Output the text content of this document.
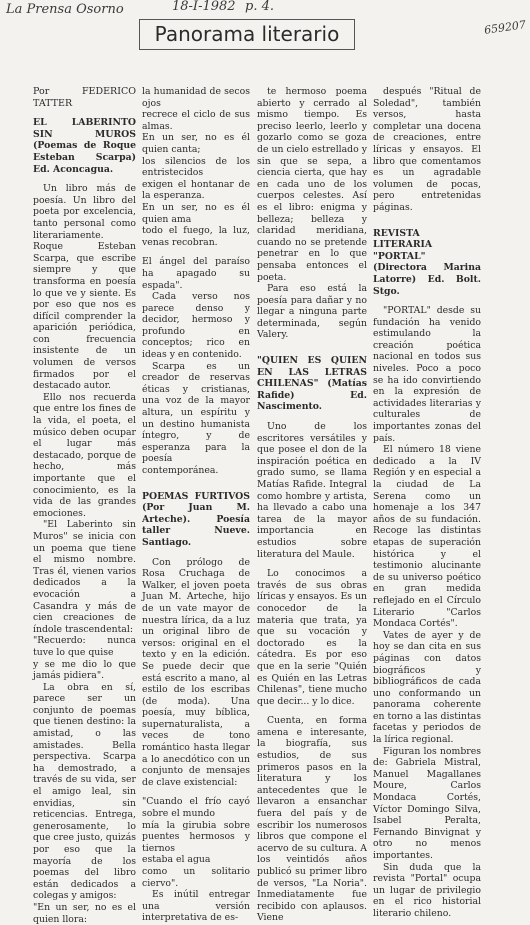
La Prensa Osorno	18-I-1982 p. 4.
659207
Panorama literario

Por FEDERICO TATTER

EL LABERINTO SIN MUROS (Poemas de Roque Esteban Scarpa) Ed. Aconcagua.

Un libro más de poesía. Un libro del poeta por excelencia, tanto personal como literariamente. Roque Esteban Scarpa, que escribe siempre y que transforma en poesía lo que ve y siente. Es por eso que nos es difícil comprender la aparición periódica, con frecuencia insistente de un volumen de versos firmados por el destacado autor.

Ello nos recuerda que entre los fines de la vida, el poeta, el músico deben ocupar el lugar más destacado, porque de hecho, más importante que el conocimiento, es la vida de las grandes emociones.

"El Laberinto sin Muros" se inicia con un poema que tiene el mismo nombre. Tras él, vienen varios dedicados a la evocación a Casandra y más de cien creaciones de índole trascendental:

"Recuerdo: nunca tuve lo que quise

y se me dio lo que jamás pidiera".

La obra en sí, parece ser un conjunto de poemas que tienen destino: la amistad, o las amistades. Bella perspectiva. Scarpa ha demostrado, a través de su vida, ser el amigo leal, sin envidias, sin reticencias. Entrega, generosamente, lo que cree justo, quizás por eso que la mayoría de los poemas del libro están dedicados a colegas y amigos:

"En un ser, no es el quien llora:

la humanidad de secos ojos

recrece el ciclo de sus almas.

En un ser, no es él quien canta;

los silencios de los entristecidos

exigen el hontanar de la esperanza.

En un ser, no es él quien ama

todo el fuego, la luz, venas recobran.

El ángel del paraíso ha apagado su espada".

Cada verso nos parece denso y decidor, hermoso y profundo en conceptos; rico en ideas y en contenido.

Scarpa es un creador de reservas éticas y cristianas, una voz de la mayor altura, un espíritu y un destino humanista íntegro, y de esperanza para la poesía contemporánea.

POEMAS FURTIVOS (Por Juan M. Arteche). Poesía taller Nueve. Santiago.

Con prólogo de Rosa Cruchaga de Walker, el joven poeta Juan M. Arteche, hijo de un vate mayor de nuestra lírica, da a luz un original libro de versos: original en el texto y en la edición. Se puede decir que está escrito a mano, al estilo de los escribas (de moda). Una poesía, muy bíblica, supernaturalista, a veces de tono romántico hasta llegar a lo anecdótico con un conjunto de mensajes de clave existencial:

"Cuando el frío cayó sobre el mundo

mía la girubia sobre puentes hermosos y tiernos

estaba el agua

como un solitario ciervo".

Es inútil entregar una versión interpretativa de es-

te hermoso poema abierto y cerrado al mismo tiempo. Es preciso leerlo, leerlo y gozarlo como se goza de un cielo estrellado y sin que se sepa, a ciencia cierta, que hay en cada uno de los cuerpos celestes. Así es el libro: enigma y belleza; belleza y claridad meridiana, cuando no se pretende penetrar en lo que pensaba entonces el poeta.

Para eso está la poesía para dañar y no llegar a ninguna parte determinada, según Valery.

"QUIEN ES QUIEN EN LAS LETRAS CHILENAS" (Matías Rafide) Ed. Nascimento.

Uno de los escritores versátiles y que posee el don de la inspiración poética en grado sumo, se llama Matías Rafide. Integral como hombre y artista, ha llevado a cabo una tarea de la mayor importancia en estudios sobre literatura del Maule.

Lo conocimos a través de sus obras líricas y ensayos. Es un conocedor de la materia que trata, ya que su vocación y doctorado es la cátedra. Es por eso que en la serie "Quién es Quién en las Letras Chilenas", tiene mucho que decir... y lo dice.

Cuenta, en forma amena e interesante, la biografía, sus estudios, de sus primeros pasos en la literatura y los antecedentes que le llevaron a ensanchar fuera del país y de escribir los numerosos libros que compone el acervo de su cultura. A los veintidós años publicó su primer libro de versos, "La Noria". Inmediatamente fue recibido con aplausos. Viene

después "Ritual de Soledad", también versos, hasta completar una docena de creaciones, entre líricas y ensayos. El libro que comentamos es un agradable volumen de pocas, pero entretenidas páginas.

REVISTA LITERARIA "PORTAL" (Directora Marina Latorre) Ed. Bolt. Stgo.

"PORTAL" desde su fundación ha venido estimulando la creación poética nacional en todos sus niveles. Poco a poco se ha ido convirtiendo en la expresión de actividades literarias y culturales de importantes zonas del país.

El número 18 viene dedicado a la IV Región y en especial a la ciudad de La Serena como un homenaje a los 347 años de su fundación. Recoge las distintas etapas de superación histórica y el testimonio alucinante de su universo poético en gran medida reflejado en el Círculo Literario "Carlos Mondaca Cortés".

Vates de ayer y de hoy se dan cita en sus páginas con datos biográficos y bibliográficos de cada uno conformando un panorama coherente en torno a las distintas facetas y periodos de la lírica regional.

Figuran los nombres de: Gabriela Mistral, Manuel Magallanes Moure, Carlos Mondaca Cortés, Víctor Domingo Silva, Isabel Peralta, Fernando Binvignat y otro no menos importantes.

Sin duda que la revista "Portal" ocupa un lugar de privilegio en el rico historial literario chileno.
